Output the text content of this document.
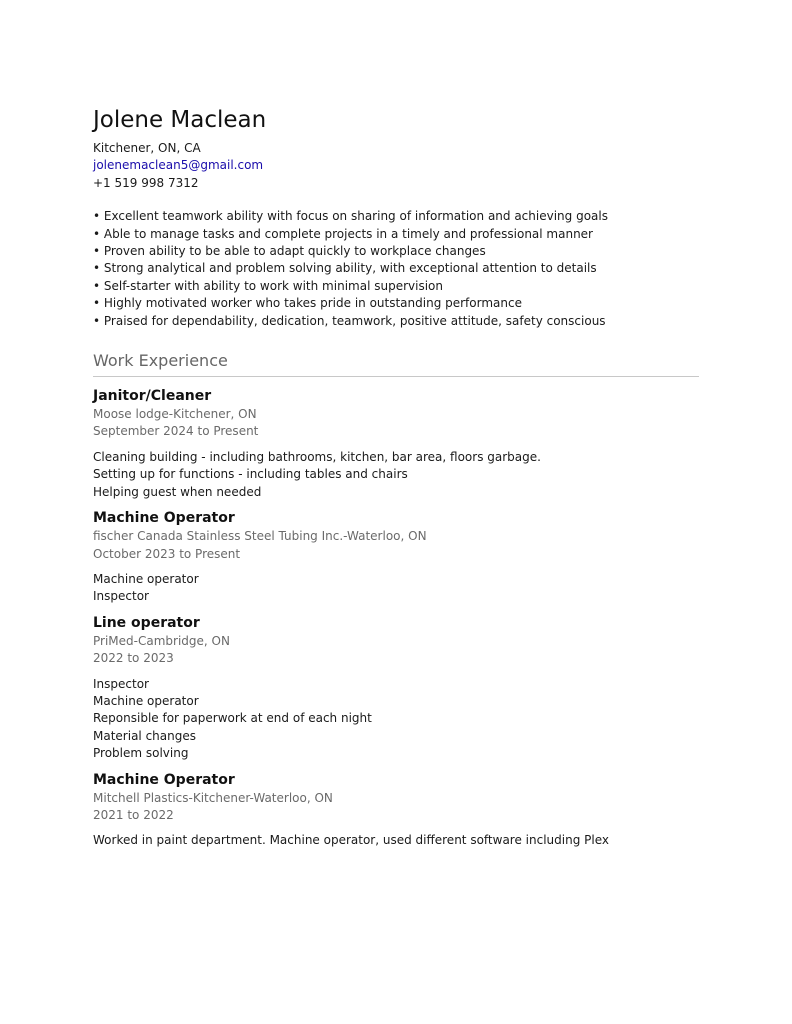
Jolene Maclean
Kitchener, ON, CA
jolenemaclean5@gmail.com
+1 519 998 7312
• Excellent teamwork ability with focus on sharing of information and achieving goals
• Able to manage tasks and complete projects in a timely and professional manner
• Proven ability to be able to adapt quickly to workplace changes
• Strong analytical and problem solving ability, with exceptional attention to details
• Self-starter with ability to work with minimal supervision
• Highly motivated worker who takes pride in outstanding performance
• Praised for dependability, dedication, teamwork, positive attitude, safety conscious
Work Experience
Janitor/Cleaner
Moose lodge-Kitchener, ON
September 2024 to Present
Cleaning building - including bathrooms, kitchen, bar area, floors garbage.
Setting up for functions - including tables and chairs
Helping guest when needed
Machine Operator
fischer Canada Stainless Steel Tubing Inc.-Waterloo, ON
October 2023 to Present
Machine operator
Inspector
Line operator
PriMed-Cambridge, ON
2022 to 2023
Inspector
Machine operator
Reponsible for paperwork at end of each night
Material changes
Problem solving
Machine Operator
Mitchell Plastics-Kitchener-Waterloo, ON
2021 to 2022
Worked in paint department. Machine operator, used different software including Plex
